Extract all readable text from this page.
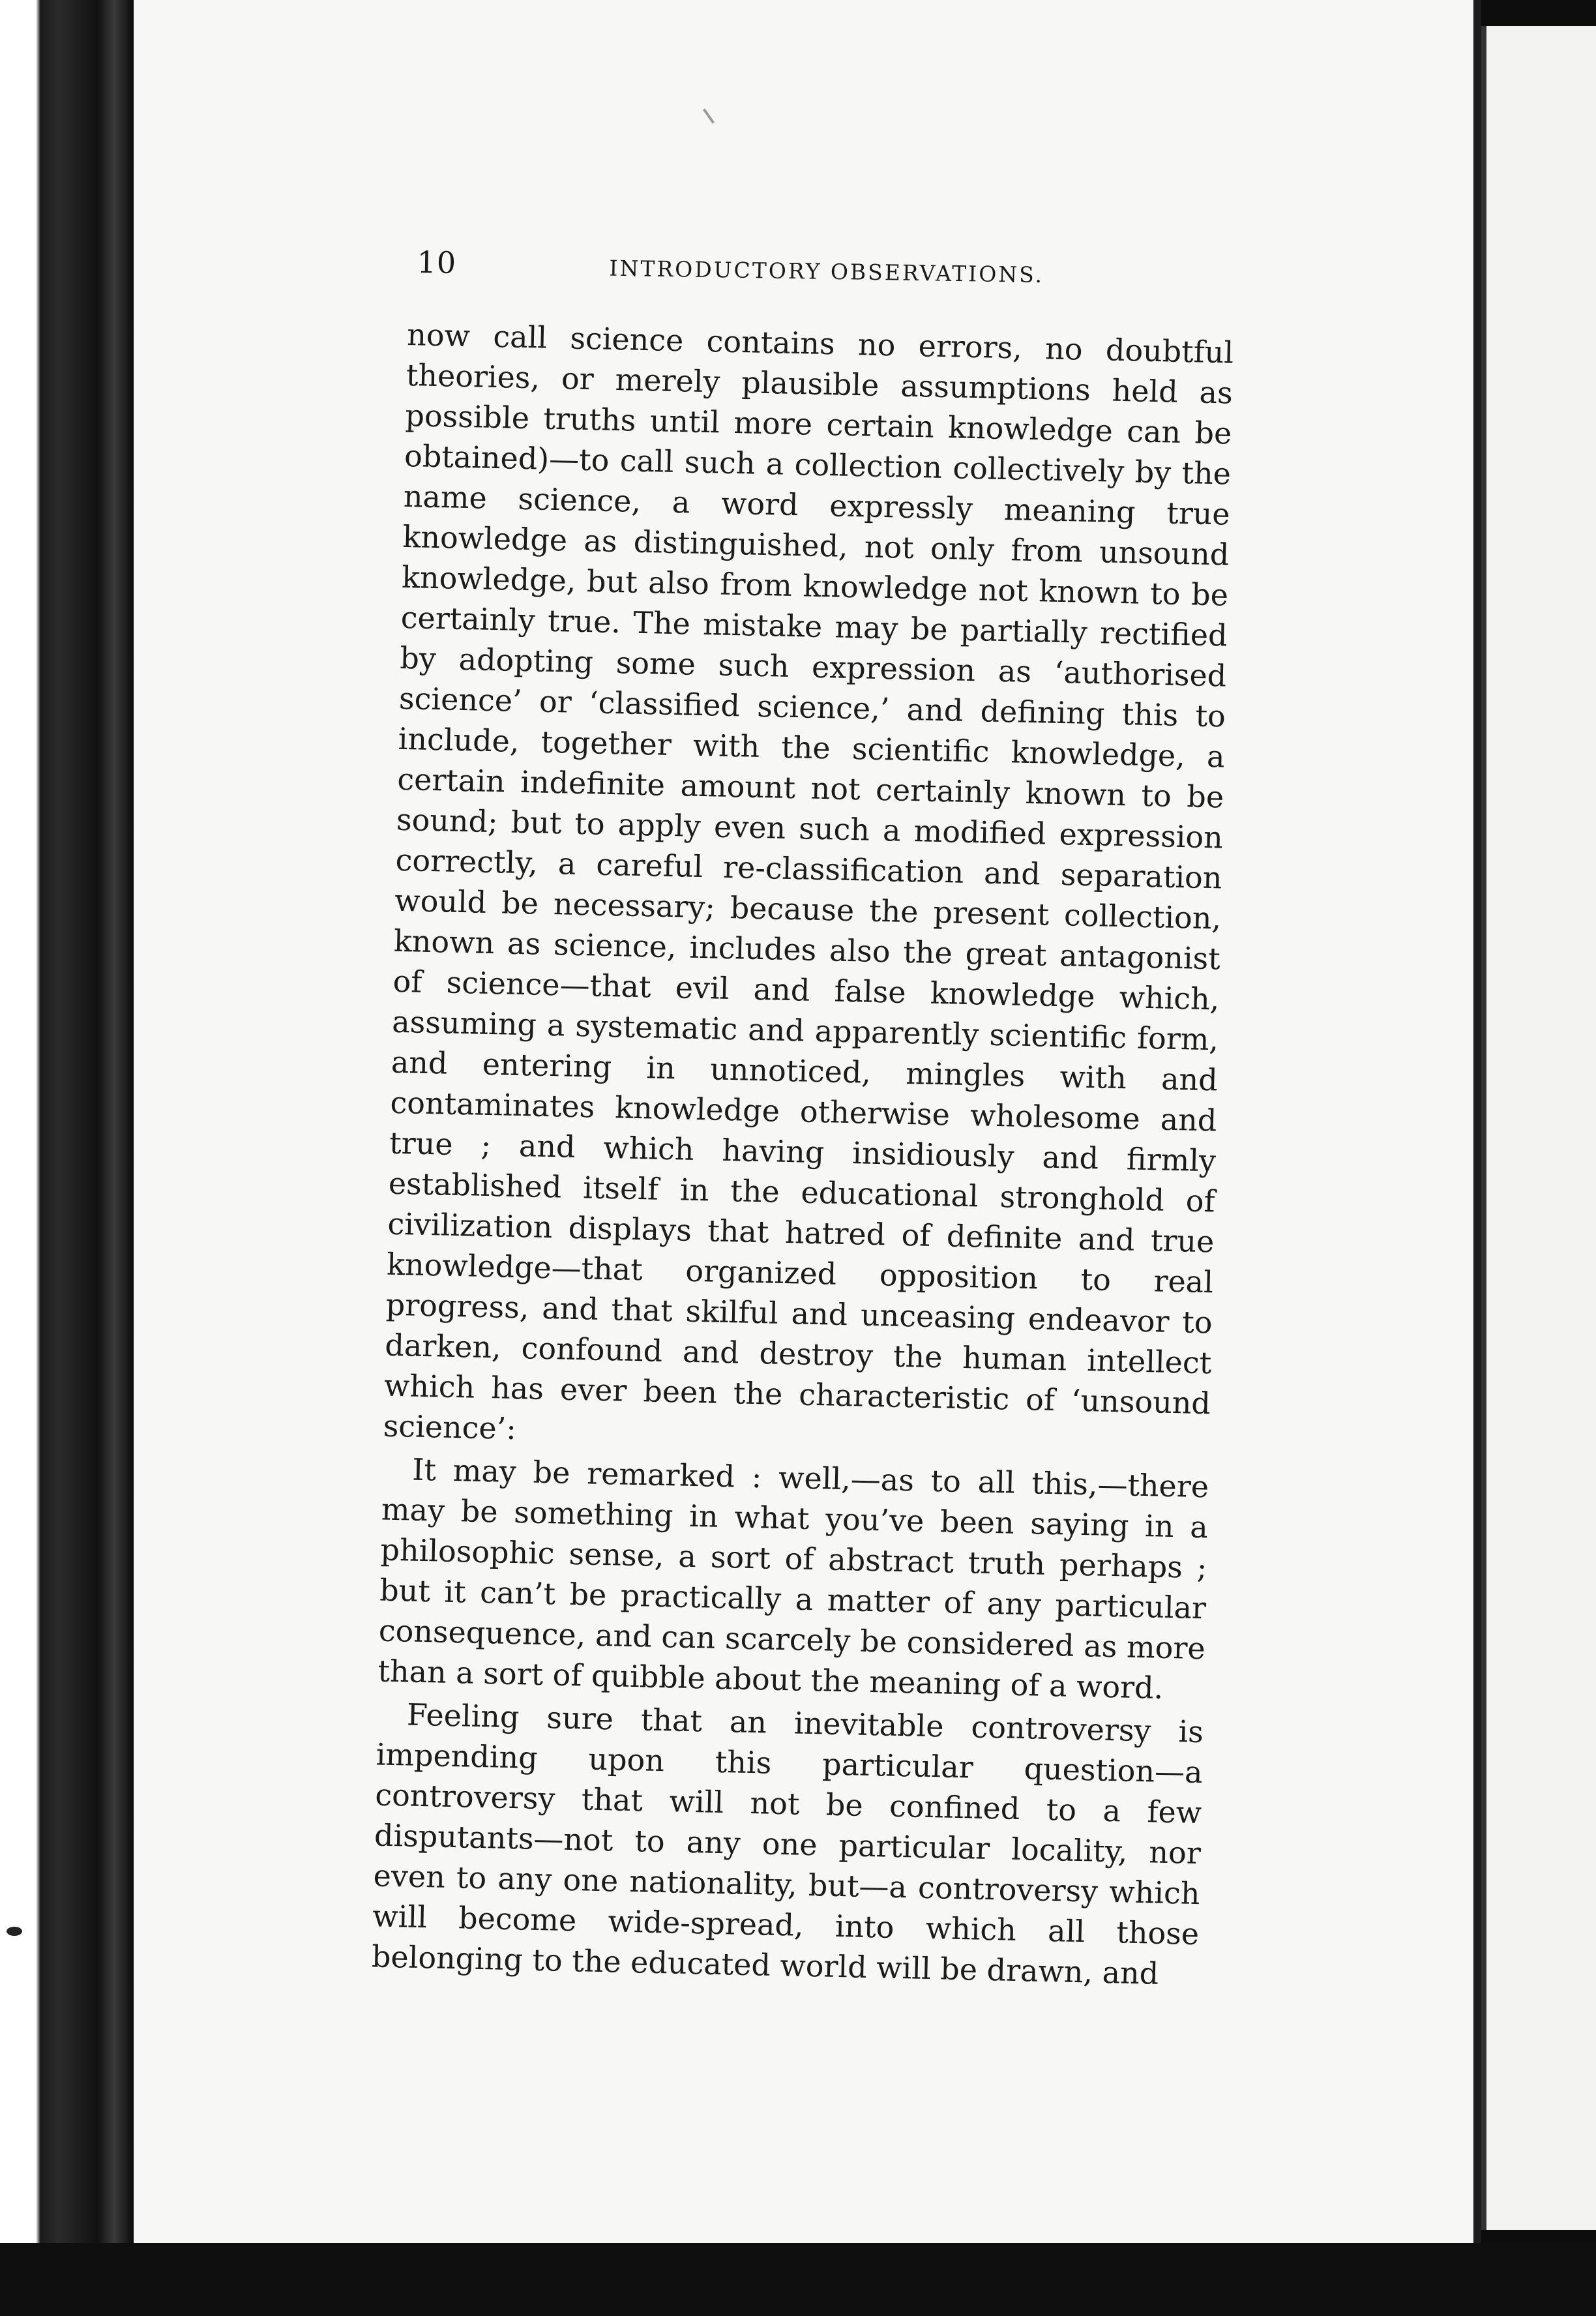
10	INTRODUCTORY OBSERVATIONS.

now call science contains no errors, no doubtful theories, or merely plausible assumptions held as possible truths until more certain knowledge can be obtained)—to call such a collection collectively by the name science, a word expressly meaning true knowledge as distinguished, not only from unsound knowledge, but also from knowledge not known to be certainly true. The mistake may be partially rectified by adopting some such expression as ‘authorised science’ or ‘classified science,’ and defining this to include, together with the scientific knowledge, a certain indefinite amount not certainly known to be sound; but to apply even such a modified expression correctly, a careful re-classification and separation would be necessary; because the present collection, known as science, includes also the great antagonist of science—that evil and false knowledge which, assuming a systematic and apparently scientific form, and entering in unnoticed, mingles with and contaminates knowledge otherwise wholesome and true ; and which having insidiously and firmly established itself in the educational stronghold of civilization displays that hatred of definite and true knowledge—that organized opposition to real progress, and that skilful and unceasing endeavor to darken, confound and destroy the human intellect which has ever been the characteristic of ‘unsound science’:

It may be remarked : well,—as to all this,—there may be something in what you’ve been saying in a philosophic sense, a sort of abstract truth perhaps ; but it can’t be practically a matter of any particular consequence, and can scarcely be considered as more than a sort of quibble about the meaning of a word.

Feeling sure that an inevitable controversy is impending upon this particular question—a controversy that will not be confined to a few disputants—not to any one particular locality, nor even to any one nationality, but—a controversy which will become wide-spread, into which all those belonging to the educated world will be drawn, and
